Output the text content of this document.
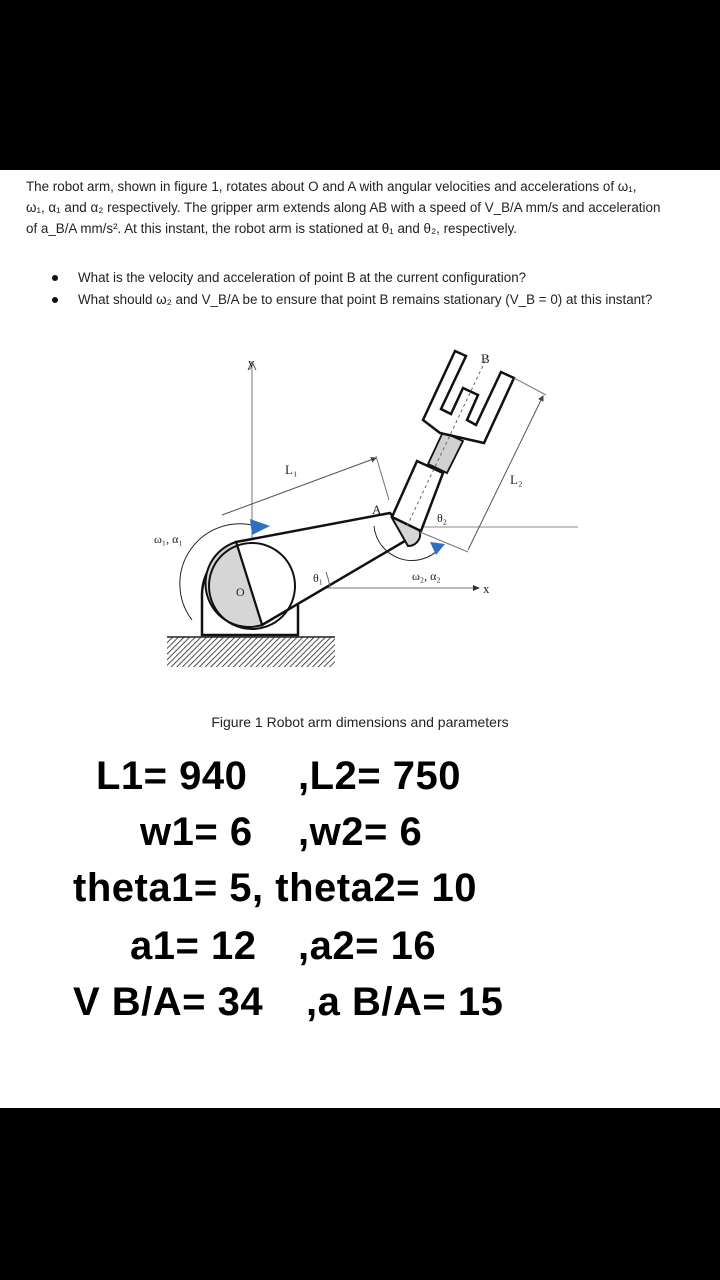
The robot arm, shown in figure 1, rotates about O and A with angular velocities and accelerations of ω₁,
ω₁, α₁ and α₂ respectively. The gripper arm extends along AB with a speed of V_B/A mm/s and acceleration
of a_B/A mm/s². At this instant, the robot arm is stationed at θ₁ and θ₂, respectively.
What is the velocity and acceleration of point B at the current configuration?
What should ω₂ and V_B/A be to ensure that point B remains stationary (V_B = 0) at this instant?
y
x
O
A
B
L₁
L₂
θ₁
θ₂
ω₁, α₁
ω₂, α₂
Figure 1 Robot arm dimensions and parameters
L1= 940 ,L2= 750
w1= 6 ,w2= 6
theta1= 5, theta2= 10
a1= 12 ,a2= 16
V B/A= 34 ,a B/A= 15
